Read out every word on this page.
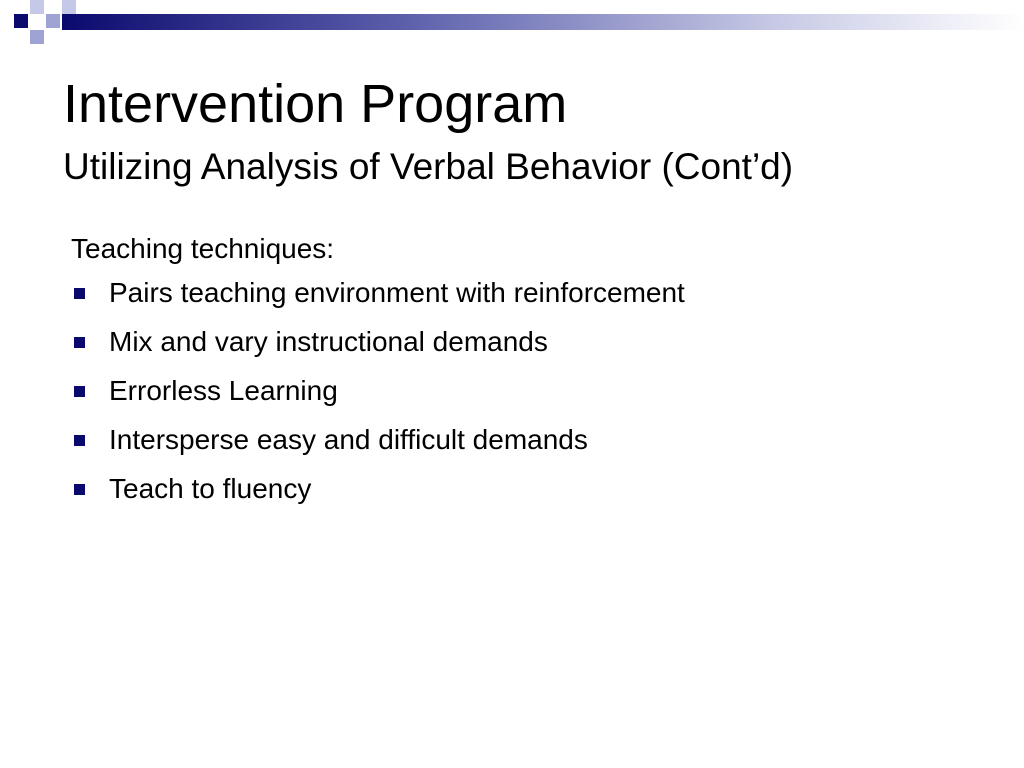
Intervention Program
Utilizing Analysis of Verbal Behavior (Cont’d)
Teaching techniques:
Pairs teaching environment with reinforcement
Mix and vary instructional demands
Errorless Learning
Intersperse easy and difficult demands
Teach to fluency
